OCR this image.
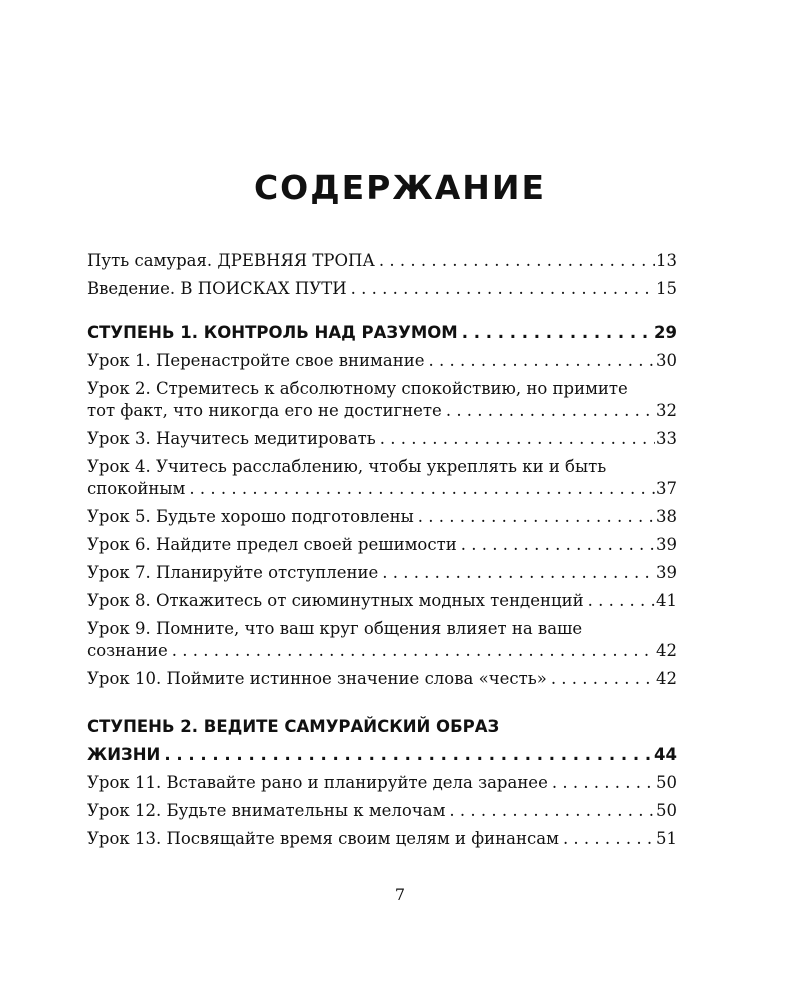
СОДЕРЖАНИЕ
Путь самурая. ДРЕВНЯЯ ТРОПА . . .	13
Введение. В ПОИСКАХ ПУТИ . . .	15
СТУПЕНЬ 1. КОНТРОЛЬ НАД РАЗУМОМ . . .	29
Урок 1. Перенастройте свое внимание . . .	30
Урок 2. Стремитесь к абсолютному спокойствию, но примите
тот факт, что никогда его не достигнете . . .	32
Урок 3. Научитесь медитировать . . .	33
Урок 4. Учитесь расслаблению, чтобы укреплять ки и быть
спокойным . . .	37
Урок 5. Будьте хорошо подготовлены . . .	38
Урок 6. Найдите предел своей решимости . . .	39
Урок 7. Планируйте отступление . . .	39
Урок 8. Откажитесь от сиюминутных модных тенденций . . .	41
Урок 9. Помните, что ваш круг общения влияет на ваше
сознание . . .	42
Урок 10. Поймите истинное значение слова «честь» . . .	42
СТУПЕНЬ 2. ВЕДИТЕ САМУРАЙСКИЙ ОБРАЗ
ЖИЗНИ . . .	44
Урок 11. Вставайте рано и планируйте дела заранее . . .	50
Урок 12. Будьте внимательны к мелочам . . .	50
Урок 13. Посвящайте время своим целям и финансам . . .	51
7
